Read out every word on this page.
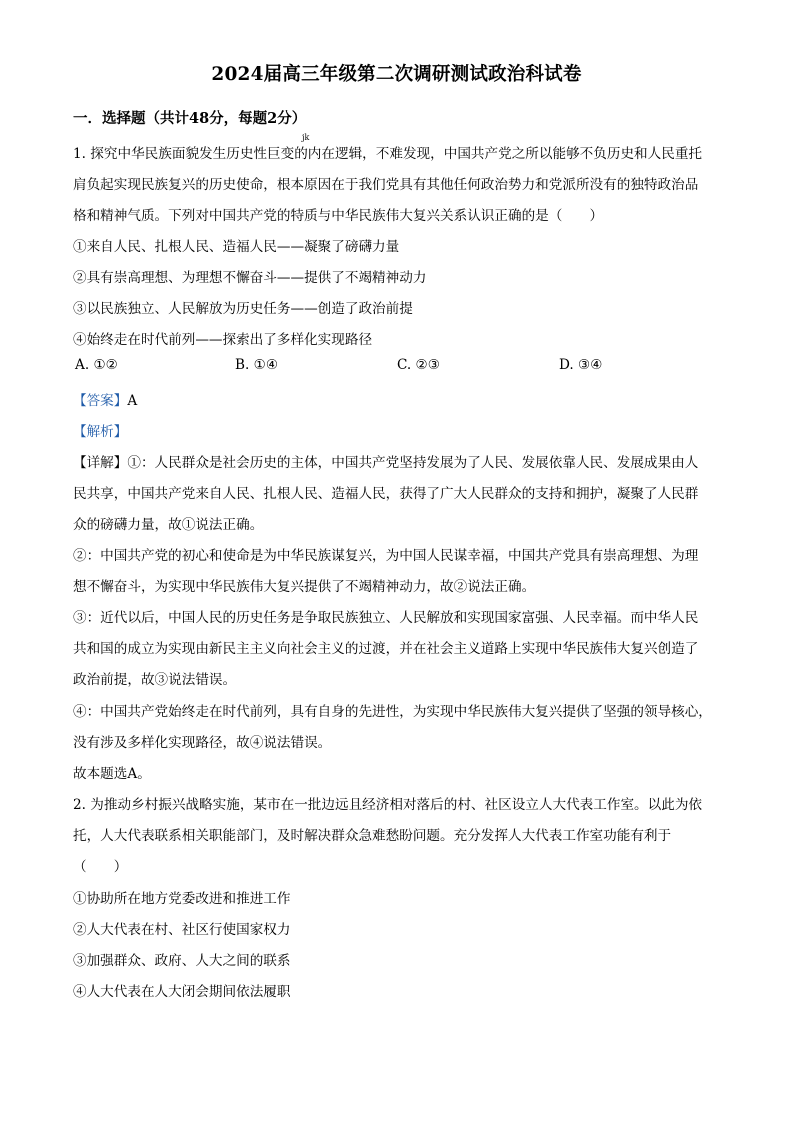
2024届高三年级第二次调研测试政治科试卷
一．选择题（共计48分，每题2分）
jk
1. 探究中华民族面貌发生历史性巨变的内在逻辑，不难发现，中国共产党之所以能够不负历史和人民重托
肩负起实现民族复兴的历史使命，根本原因在于我们党具有其他任何政治势力和党派所没有的独特政治品
格和精神气质。下列对中国共产党的特质与中华民族伟大复兴关系认识正确的是（　　）
①来自人民、扎根人民、造福人民——凝聚了磅礴力量
②具有崇高理想、为理想不懈奋斗——提供了不竭精神动力
③以民族独立、人民解放为历史任务——创造了政治前提
④始终走在时代前列——探索出了多样化实现路径
A. ①②	B. ①④	C. ②③	D. ③④
【答案】A
【解析】
【详解】①：人民群众是社会历史的主体，中国共产党坚持发展为了人民、发展依靠人民、发展成果由人
民共享，中国共产党来自人民、扎根人民、造福人民，获得了广大人民群众的支持和拥护，凝聚了人民群
众的磅礴力量，故①说法正确。
②：中国共产党的初心和使命是为中华民族谋复兴，为中国人民谋幸福，中国共产党具有崇高理想、为理
想不懈奋斗，为实现中华民族伟大复兴提供了不竭精神动力，故②说法正确。
③：近代以后，中国人民的历史任务是争取民族独立、人民解放和实现国家富强、人民幸福。而中华人民
共和国的成立为实现由新民主主义向社会主义的过渡，并在社会主义道路上实现中华民族伟大复兴创造了
政治前提，故③说法错误。
④：中国共产党始终走在时代前列，具有自身的先进性，为实现中华民族伟大复兴提供了坚强的领导核心，
没有涉及多样化实现路径，故④说法错误。
故本题选A。
2. 为推动乡村振兴战略实施，某市在一批边远且经济相对落后的村、社区设立人大代表工作室。以此为依
托，人大代表联系相关职能部门，及时解决群众急难愁盼问题。充分发挥人大代表工作室功能有利于
（　　）
①协助所在地方党委改进和推进工作
②人大代表在村、社区行使国家权力
③加强群众、政府、人大之间的联系
④人大代表在人大闭会期间依法履职
